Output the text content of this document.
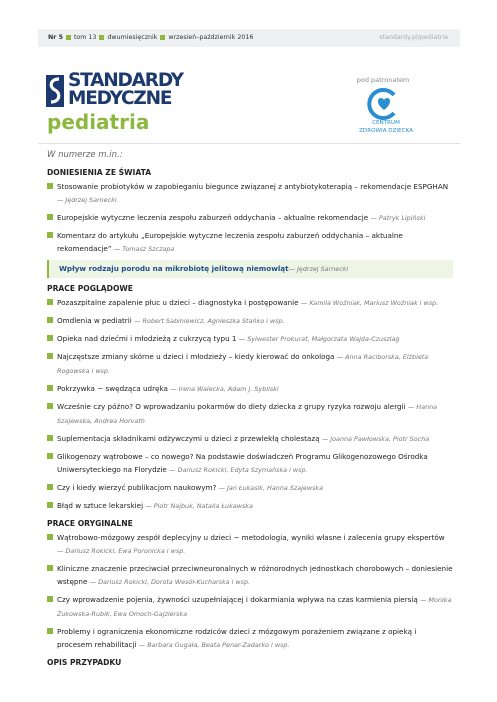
Nr 5 tom 13 dwumiesięcznik wrzesień–październik 2016	standardy.pl/pediatria
STANDARDY
MEDYCZNE
pediatria
pod patronatem
CENTRUM
ZDROWIA DZIECKA
W numerze m.in.:
DONIESIENIA ZE ŚWIATA
Stosowanie probiotyków w zapobieganiu biegunce związanej z antybiotykoterapią – rekomendacje ESPGHAN — Jędrzej Sarnecki
Europejskie wytyczne leczenia zespołu zaburzeń oddychania – aktualne rekomendacje — Patryk Lipiński
Komentarz do artykułu „Europejskie wytyczne leczenia zespołu zaburzeń oddychania – aktualne rekomendacje” — Tomasz Szczapa
Wpływ rodzaju porodu na mikrobiotę jelitową niemowląt— Jędrzej Sarnecki
PRACE POGLĄDOWE
Pozaszpitalne zapalenie płuc u dzieci – diagnostyka i postępowanie — Kamila Woźniak, Mariusz Woźniak i wsp.
Omdlenia w pediatrii — Robert Sabiniewicz, Agnieszka Stańko i wsp.
Opieka nad dziećmi i młodzieżą z cukrzycą typu 1 — Sylwester Prokurat, Małgorzata Wajda-Czuszlag
Najczęstsze zmiany skórne u dzieci i młodzieży – kiedy kierować do onkologa — Anna Raciborska, Elżbieta Rogowska i wsp.
Pokrzywka − swędząca udręka — Irena Walecka, Adam J. Sybilski
Wcześnie czy późno? O wprowadzaniu pokarmów do diety dziecka z grupy ryzyka rozwoju alergii — Hanna Szajewska, Andrea Horvath
Suplementacja składnikami odżywczymi u dzieci z przewlekłą cholestazą — Joanna Pawłowska, Piotr Socha
Glikogenozy wątrobowe – co nowego? Na podstawie doświadczeń Programu Glikogenozowego Ośrodka Uniwersyteckiego na Florydzie — Dariusz Rokicki, Edyta Szymańska i wsp.
Czy i kiedy wierzyć publikacjom naukowym? — Jan Łukasik, Hanna Szajewska
Błąd w sztuce lekarskiej — Piotr Najbuk, Natalia Łukawska
PRACE ORYGINALNE
Wątrobowo-mózgowy zespół deplecyjny u dzieci − metodologia, wyniki własne i zalecenia grupy ekspertów — Dariusz Rokicki, Ewa Poronicka i wsp.
Kliniczne znaczenie przeciwciał przeciwneuronalnych w różnorodnych jednostkach chorobowych – doniesienie wstępne — Dariusz Rokicki, Dorota Wesół-Kucharska i wsp.
Czy wprowadzenie pojenia, żywności uzupełniającej i dokarmiania wpływa na czas karmienia piersią — Monika Żukowska-Rubik, Ewa Omoch-Gajzlerska
Problemy i ograniczenia ekonomiczne rodziców dzieci z mózgowym porażeniem związane z opieką i procesem rehabilitacji — Barbara Gugała, Beata Penar-Zadarko i wsp.
OPIS PRZYPADKU
